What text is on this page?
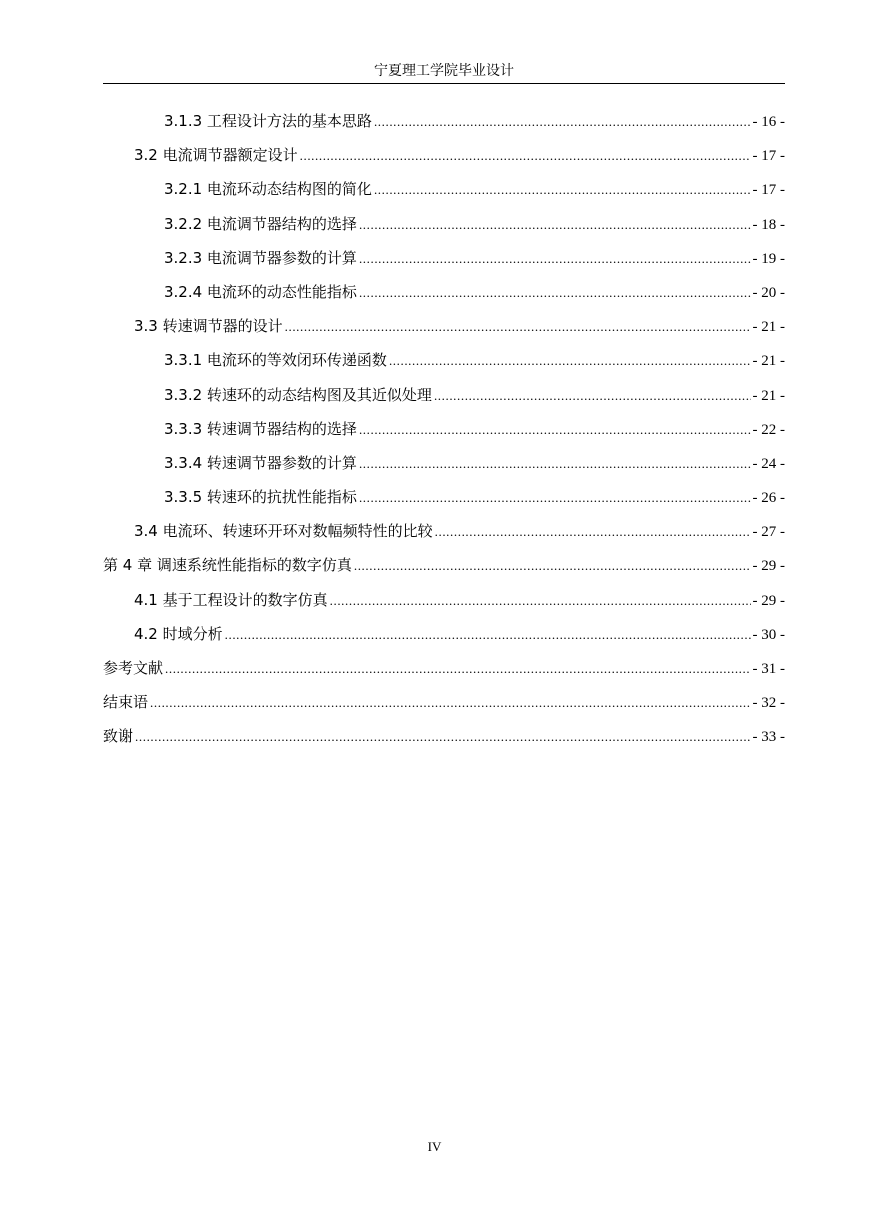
宁夏理工学院毕业设计
3.1.3 工程设计方法的基本思路 .....	- 16 -
3.2 电流调节器额定设计 .....	- 17 -
3.2.1 电流环动态结构图的简化 .....	- 17 -
3.2.2 电流调节器结构的选择 .....	- 18 -
3.2.3 电流调节器参数的计算 .....	- 19 -
3.2.4 电流环的动态性能指标 .....	- 20 -
3.3 转速调节器的设计 .....	- 21 -
3.3.1 电流环的等效闭环传递函数 .....	- 21 -
3.3.2 转速环的动态结构图及其近似处理 .....	- 21 -
3.3.3 转速调节器结构的选择 .....	- 22 -
3.3.4 转速调节器参数的计算 .....	- 24 -
3.3.5 转速环的抗扰性能指标 .....	- 26 -
3.4 电流环、转速环开环对数幅频特性的比较 .....	- 27 -
第 4 章 调速系统性能指标的数字仿真 .....	- 29 -
4.1 基于工程设计的数字仿真 .....	- 29 -
4.2 时域分析 .....	- 30 -
参考文献 .....	- 31 -
结束语 .....	- 32 -
致谢 .....	- 33 -
IV
